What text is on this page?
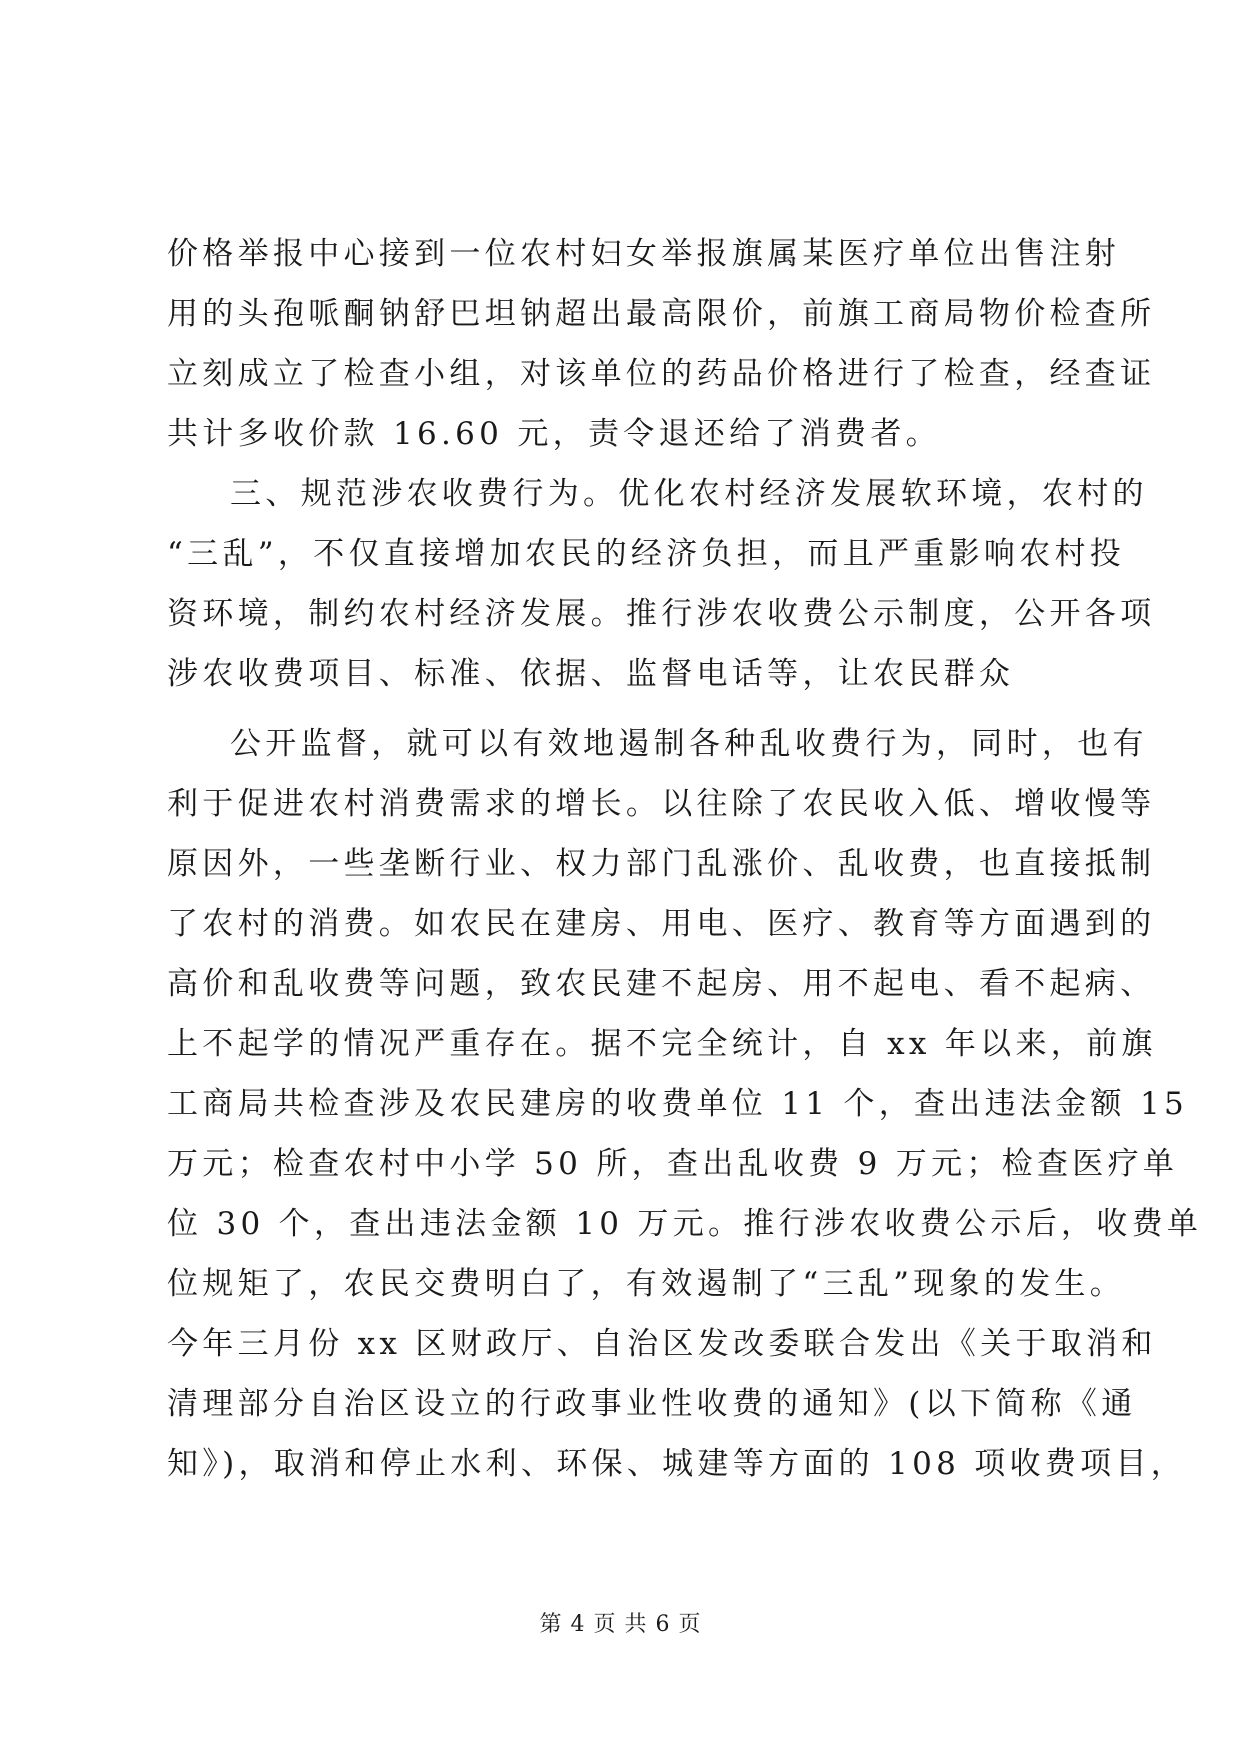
价格举报中心接到一位农村妇女举报旗属某医疗单位出售注射
用的头孢哌酮钠舒巴坦钠超出最高限价，前旗工商局物价检查所
立刻成立了检查小组，对该单位的药品价格进行了检查，经查证
共计多收价款 16.60 元，责令退还给了消费者。
三、规范涉农收费行为。优化农村经济发展软环境，农村的
“三乱”，不仅直接增加农民的经济负担，而且严重影响农村投
资环境，制约农村经济发展。推行涉农收费公示制度，公开各项
涉农收费项目、标准、依据、监督电话等，让农民群众
公开监督，就可以有效地遏制各种乱收费行为，同时，也有
利于促进农村消费需求的增长。以往除了农民收入低、增收慢等
原因外，一些垄断行业、权力部门乱涨价、乱收费，也直接抵制
了农村的消费。如农民在建房、用电、医疗、教育等方面遇到的
高价和乱收费等问题，致农民建不起房、用不起电、看不起病、
上不起学的情况严重存在。据不完全统计，自 xx 年以来，前旗
工商局共检查涉及农民建房的收费单位 11 个，查出违法金额 15
万元；检查农村中小学 50 所，查出乱收费 9 万元；检查医疗单
位 30 个，查出违法金额 10 万元。推行涉农收费公示后，收费单
位规矩了，农民交费明白了，有效遏制了“三乱”现象的发生。
今年三月份 xx 区财政厅、自治区发改委联合发出《关于取消和
清理部分自治区设立的行政事业性收费的通知》(以下简称《通
知》)，取消和停止水利、环保、城建等方面的 108 项收费项目，
第 4 页 共 6 页
